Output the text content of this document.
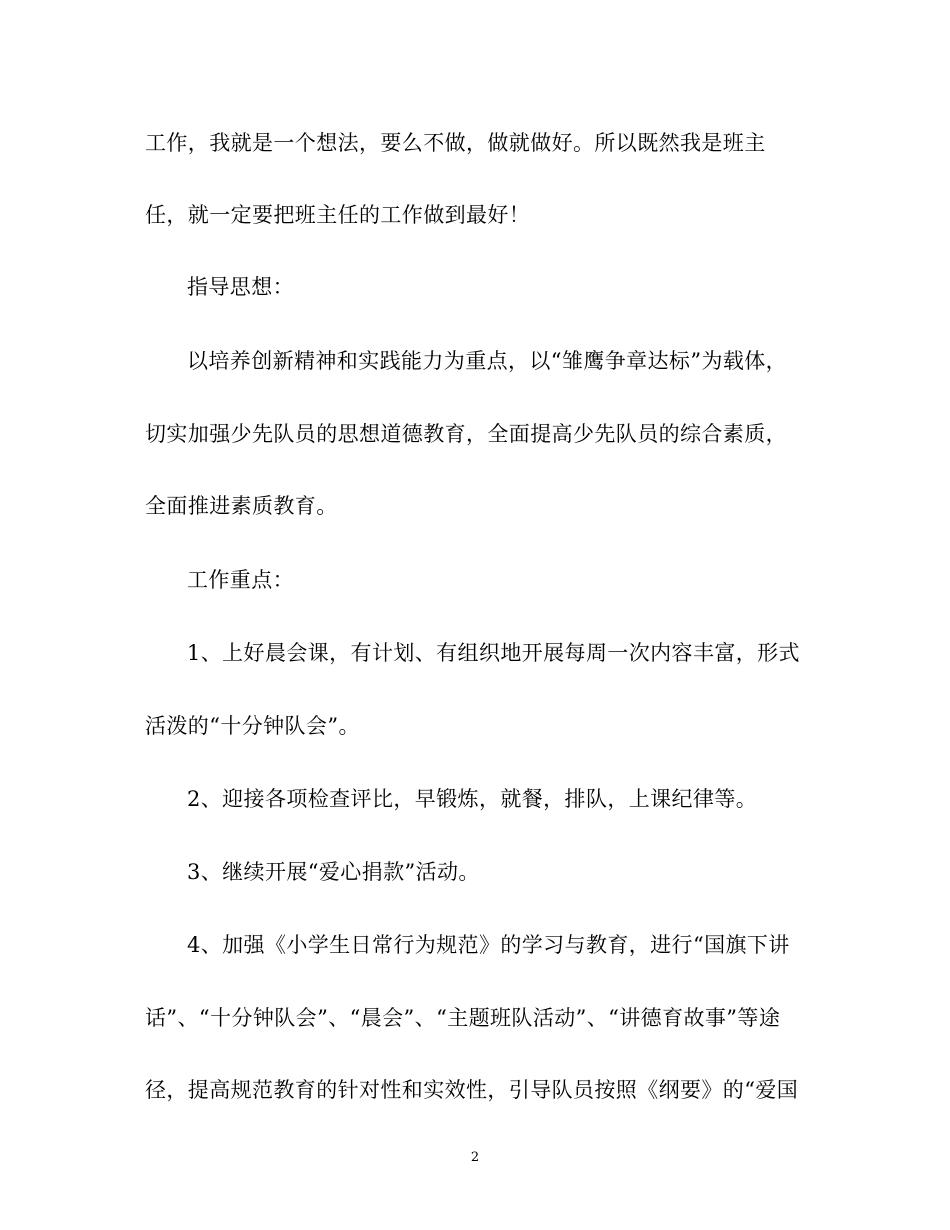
工作，我就是一个想法，要么不做，做就做好。所以既然我是班主
任，就一定要把班主任的工作做到最好！
指导思想：
以培养创新精神和实践能力为重点，以“雏鹰争章达标”为载体，
切实加强少先队员的思想道德教育，全面提高少先队员的综合素质，
全面推进素质教育。
工作重点：
1、上好晨会课，有计划、有组织地开展每周一次内容丰富，形式
活泼的“十分钟队会”。
2、迎接各项检查评比，早锻炼，就餐，排队，上课纪律等。
3、继续开展“爱心捐款”活动。
4、加强《小学生日常行为规范》的学习与教育，进行“国旗下讲
话”、“十分钟队会”、“晨会”、“主题班队活动”、“讲德育故事”等途
径，提高规范教育的针对性和实效性，引导队员按照《纲要》的“爱国
2
